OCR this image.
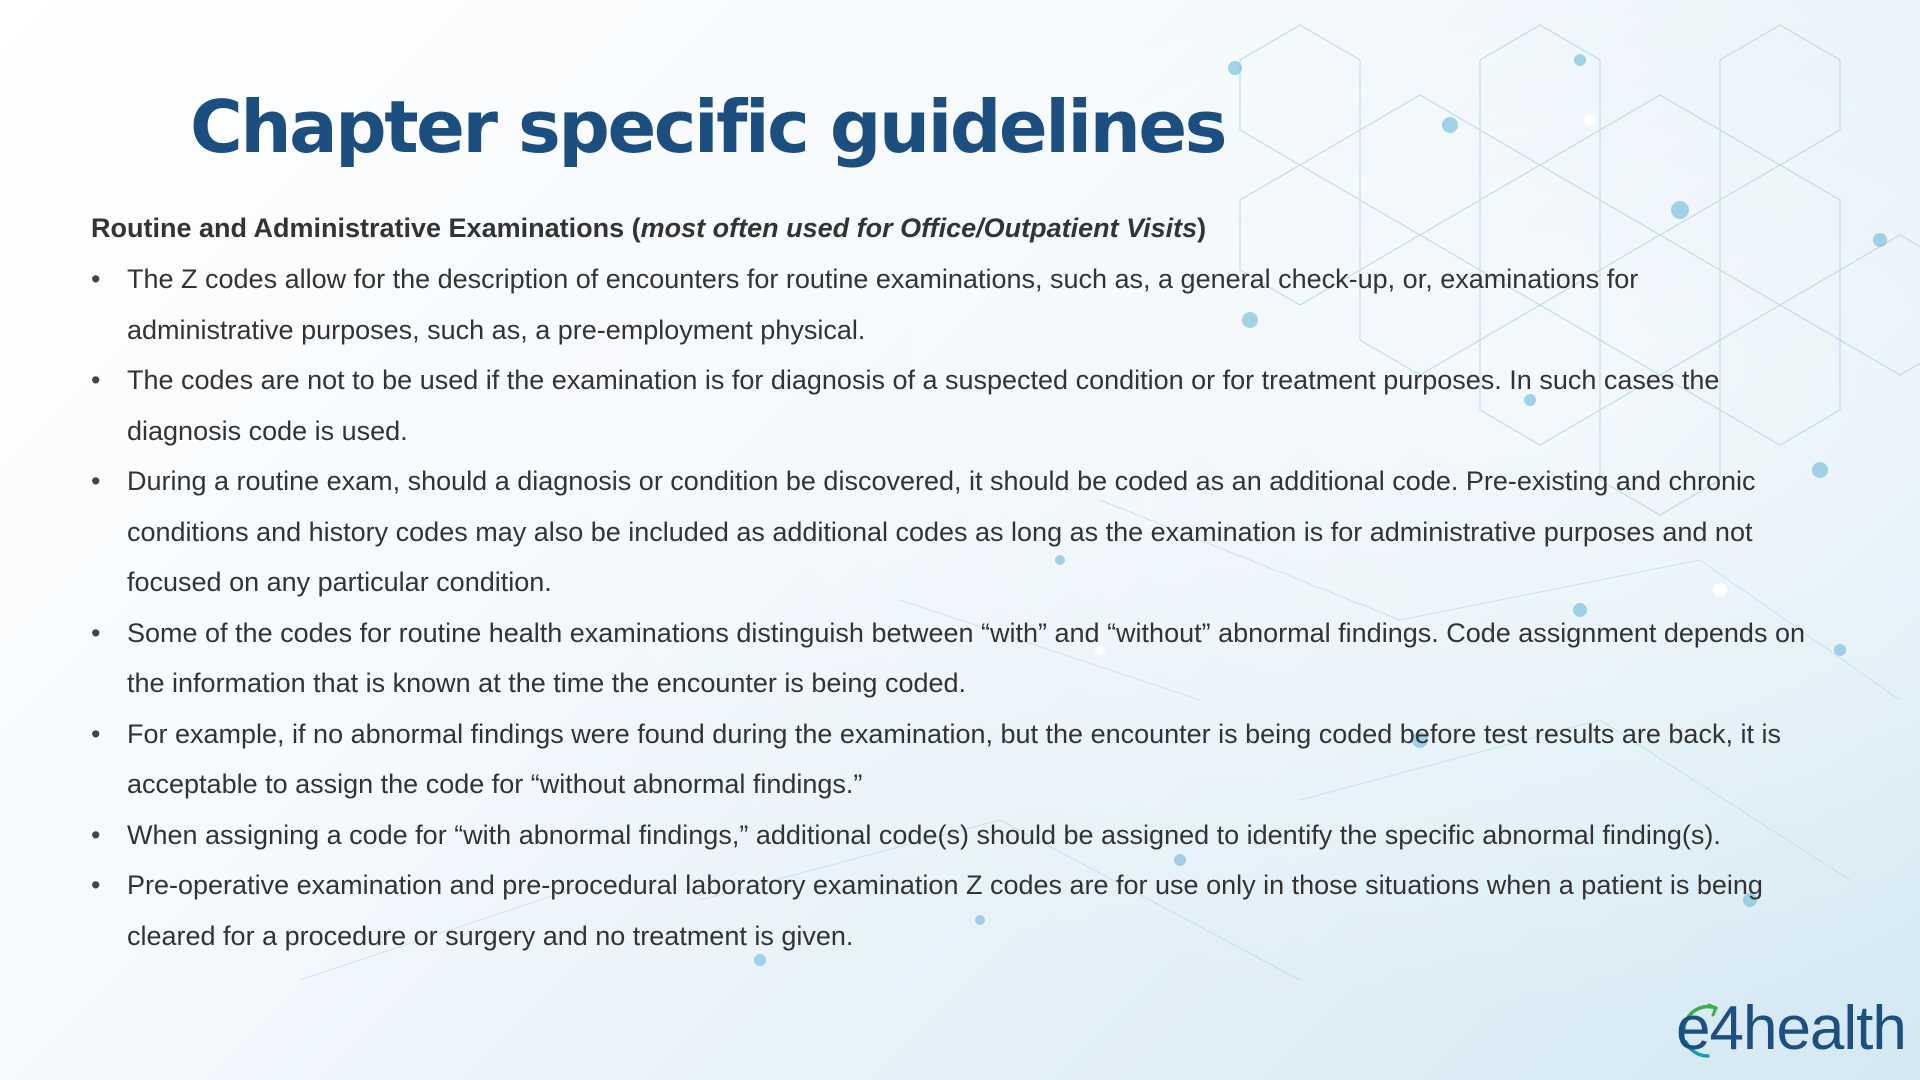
Chapter specific guidelines

Routine and Administrative Examinations (most often used for Office/Outpatient Visits)

• The Z codes allow for the description of encounters for routine examinations, such as, a general check-up, or, examinations for administrative purposes, such as, a pre-employment physical.
• The codes are not to be used if the examination is for diagnosis of a suspected condition or for treatment purposes. In such cases the diagnosis code is used.
• During a routine exam, should a diagnosis or condition be discovered, it should be coded as an additional code. Pre-existing and chronic conditions and history codes may also be included as additional codes as long as the examination is for administrative purposes and not focused on any particular condition.
• Some of the codes for routine health examinations distinguish between “with” and “without” abnormal findings. Code assignment depends on the information that is known at the time the encounter is being coded.
• For example, if no abnormal findings were found during the examination, but the encounter is being coded before test results are back, it is acceptable to assign the code for “without abnormal findings.”
• When assigning a code for “with abnormal findings,” additional code(s) should be assigned to identify the specific abnormal finding(s).
• Pre-operative examination and pre-procedural laboratory examination Z codes are for use only in those situations when a patient is being cleared for a procedure or surgery and no treatment is given.

e4health
